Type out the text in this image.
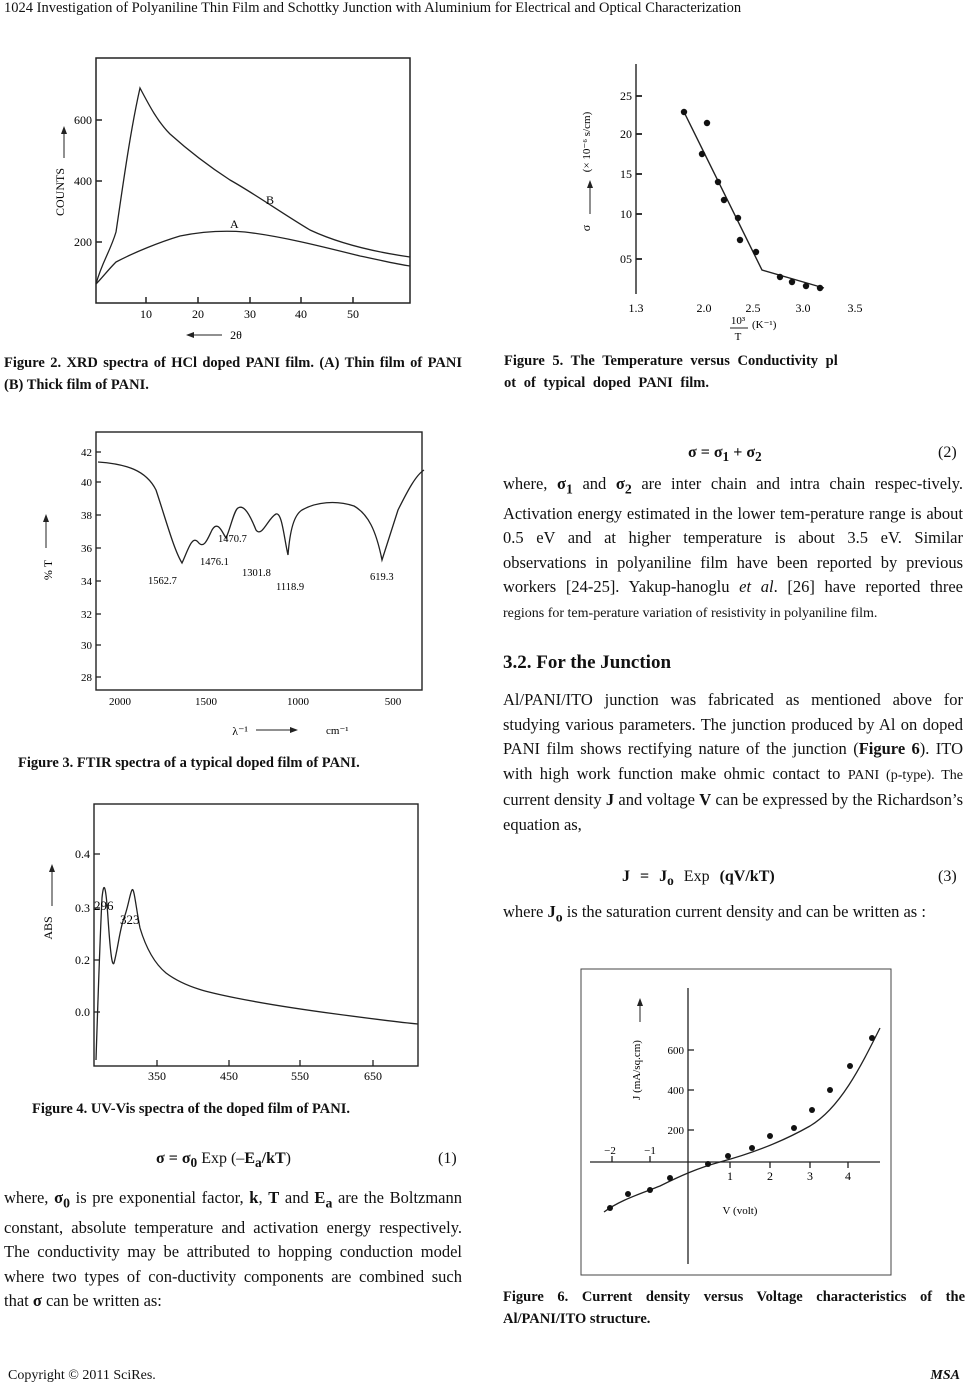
1024 Investigation of Polyaniline Thin Film and Schottky Junction with Aluminium for Electrical and Optical Characterization
600
400
200
10	20	30	40	50
COUNTS
2θ
B
A
Figure 2. XRD spectra of HCl doped PANI film. (A) Thin film of PANI (B) Thick film of PANI.
42
40
38
36
34
32
30
28
2000	1500	1000	500
% T
λ⁻¹	cm⁻¹
1562.7
1476.1
1470.7
1301.8
1118.9
619.3
Figure 3. FTIR spectra of a typical doped film of PANI.
0.4
0.3
0.2
0.0
350	450	550	650
ABS
296
323
Figure 4. UV-Vis spectra of the doped film of PANI.
$\sigma = \sigma_0$ Exp $(-E_a/kT)$	(1)
where, $\sigma_0$ is pre exponential factor, k, T and $E_a$ are the Boltzmann constant, absolute temperature and activation energy respectively. The conductivity may be attributed to hopping conduction model where two types of con-ductivity components are combined such that σ can be written as:
25
20
15
10
05
1.3	2.0	2.5	3.0	3.5
σ
(× 10⁻⁶ s/cm)
10³
T
(K⁻¹)
Figure 5. The Temperature versus Conductivity pl
ot of typical doped PANI film.
$\sigma = \sigma_1 + \sigma_2$	(2)
where, $\sigma_1$ and $\sigma_2$ are inter chain and intra chain respec-tively. Activation energy estimated in the lower tem-perature range is about 0.5 eV and at higher temperature is about 3.5 eV. Similar observations in polyaniline film have been reported by previous workers [24-25]. Yakup-hanoglu et al. [26] have reported three regions for tem-perature variation of resistivity in polyaniline film.
3.2. For the Junction
Al/PANI/ITO junction was fabricated as mentioned above for studying various parameters. The junction produced by Al on doped PANI film shows rectifying nature of the junction (Figure 6). ITO with high work function make ohmic contact to PANI (p-type). The current density J and voltage V can be expressed by the Richardson’s equation as,
$J = J_o$ Exp (qV/kT)	(3)
where $J_o$ is the saturation current density and can be written as :
600
400
200
−2	−1
1	2	3	4
J (mA/sq.cm)
V (volt)
Figure 6. Current density versus Voltage characteristics of the Al/PANI/ITO structure.
Copyright © 2011 SciRes.	MSA
